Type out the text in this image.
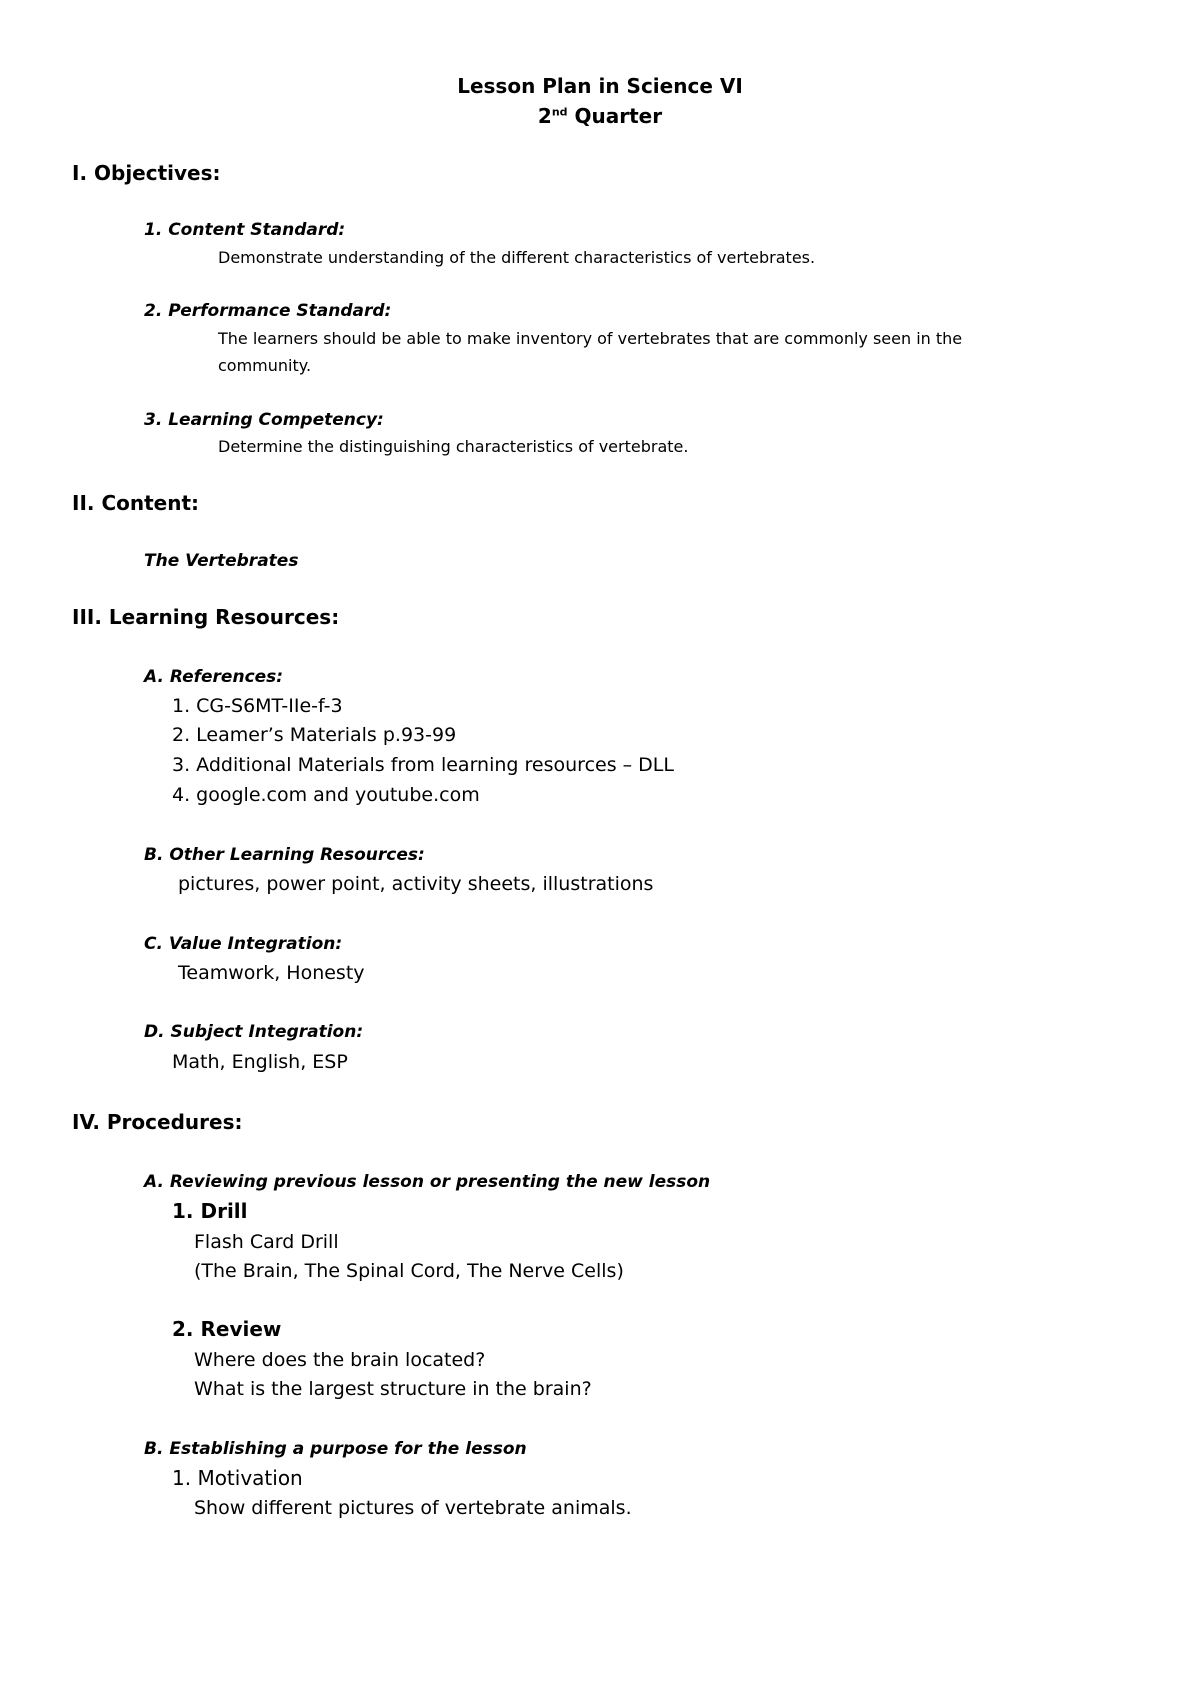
Lesson Plan in Science VI
2nd Quarter
I. Objectives:
1. Content Standard:
Demonstrate understanding of the different characteristics of vertebrates.
2. Performance Standard:
The learners should be able to make inventory of vertebrates that are commonly seen in the
community.
3. Learning Competency:
Determine the distinguishing characteristics of vertebrate.
II. Content:
The Vertebrates
III. Learning Resources:
A. References:
1. CG-S6MT-IIe-f-3
2. Leamer’s Materials p.93-99
3. Additional Materials from learning resources – DLL
4. google.com and youtube.com
B. Other Learning Resources:
pictures, power point, activity sheets, illustrations
C. Value Integration:
Teamwork, Honesty
D. Subject Integration:
Math, English, ESP
IV. Procedures:
A. Reviewing previous lesson or presenting the new lesson
1. Drill
Flash Card Drill
(The Brain, The Spinal Cord, The Nerve Cells)
2. Review
Where does the brain located?
What is the largest structure in the brain?
B. Establishing a purpose for the lesson
1. Motivation
Show different pictures of vertebrate animals.
